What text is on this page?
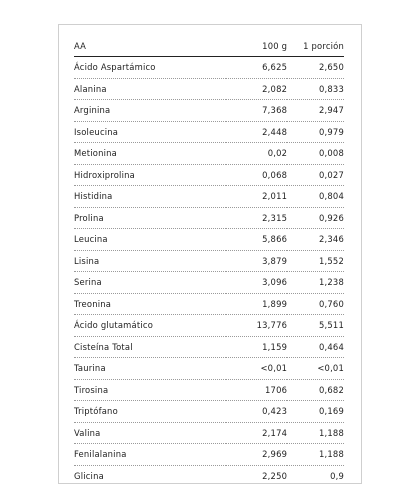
AA	100 g	1 porción
Ácido Aspartámico	6,625	2,650
Alanina	2,082	0,833
Arginina	7,368	2,947
Isoleucina	2,448	0,979
Metionina	0,02	0,008
Hidroxiprolina	0,068	0,027
Histidina	2,011	0,804
Prolina	2,315	0,926
Leucina	5,866	2,346
Lisina	3,879	1,552
Serina	3,096	1,238
Treonina	1,899	0,760
Ácido glutamático	13,776	5,511
Cisteína Total	1,159	0,464
Taurina	<0,01	<0,01
Tirosina	1706	0,682
Triptófano	0,423	0,169
Valina	2,174	1,188
Fenilalanina	2,969	1,188
Glicina	2,250	0,9
